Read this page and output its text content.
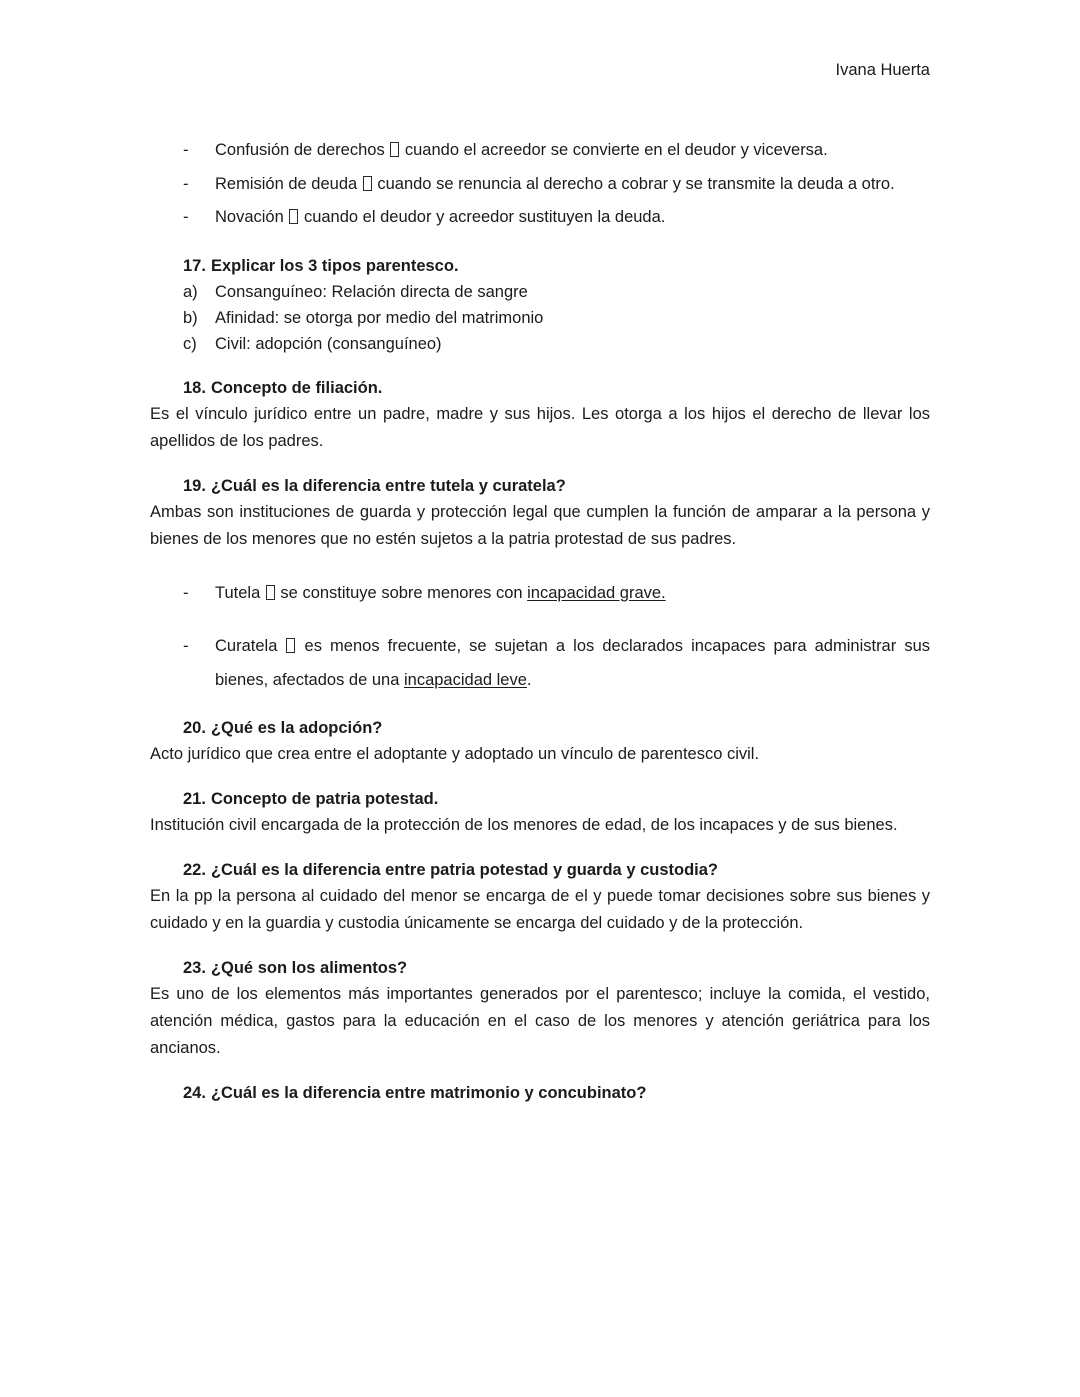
Ivana Huerta
- Confusión de derechos  cuando el acreedor se convierte en el deudor y viceversa.
- Remisión de deuda  cuando se renuncia al derecho a cobrar y se transmite la deuda a otro.
- Novación  cuando el deudor y acreedor sustituyen la deuda.
17. Explicar los 3 tipos parentesco.
a)	Consanguíneo: Relación directa de sangre
b)	Afinidad: se otorga por medio del matrimonio
c)	Civil: adopción (consanguíneo)
18. Concepto de filiación.
Es el vínculo jurídico entre un padre, madre y sus hijos. Les otorga a los hijos el derecho de llevar los apellidos de los padres.
19. ¿Cuál es la diferencia entre tutela y curatela?
Ambas son instituciones de guarda y protección legal que cumplen la función de amparar a la persona y bienes de los menores que no estén sujetos a la patria protestad de sus padres.
- Tutela  se constituye sobre menores con incapacidad grave.
- Curatela  es menos frecuente, se sujetan a los declarados incapaces para administrar sus bienes, afectados de una incapacidad leve.
20. ¿Qué es la adopción?
Acto jurídico que crea entre el adoptante y adoptado un vínculo de parentesco civil.
21. Concepto de patria potestad.
Institución civil encargada de la protección de los menores de edad, de los incapaces y de sus bienes.
22. ¿Cuál es la diferencia entre patria potestad y guarda y custodia?
En la pp la persona al cuidado del menor se encarga de el y puede tomar decisiones sobre sus bienes y cuidado y en la guardia y custodia únicamente se encarga del cuidado y de la protección.
23. ¿Qué son los alimentos?
Es uno de los elementos más importantes generados por el parentesco; incluye la comida, el vestido, atención médica, gastos para la educación en el caso de los menores y atención geriátrica para los ancianos.
24. ¿Cuál es la diferencia entre matrimonio y concubinato?
